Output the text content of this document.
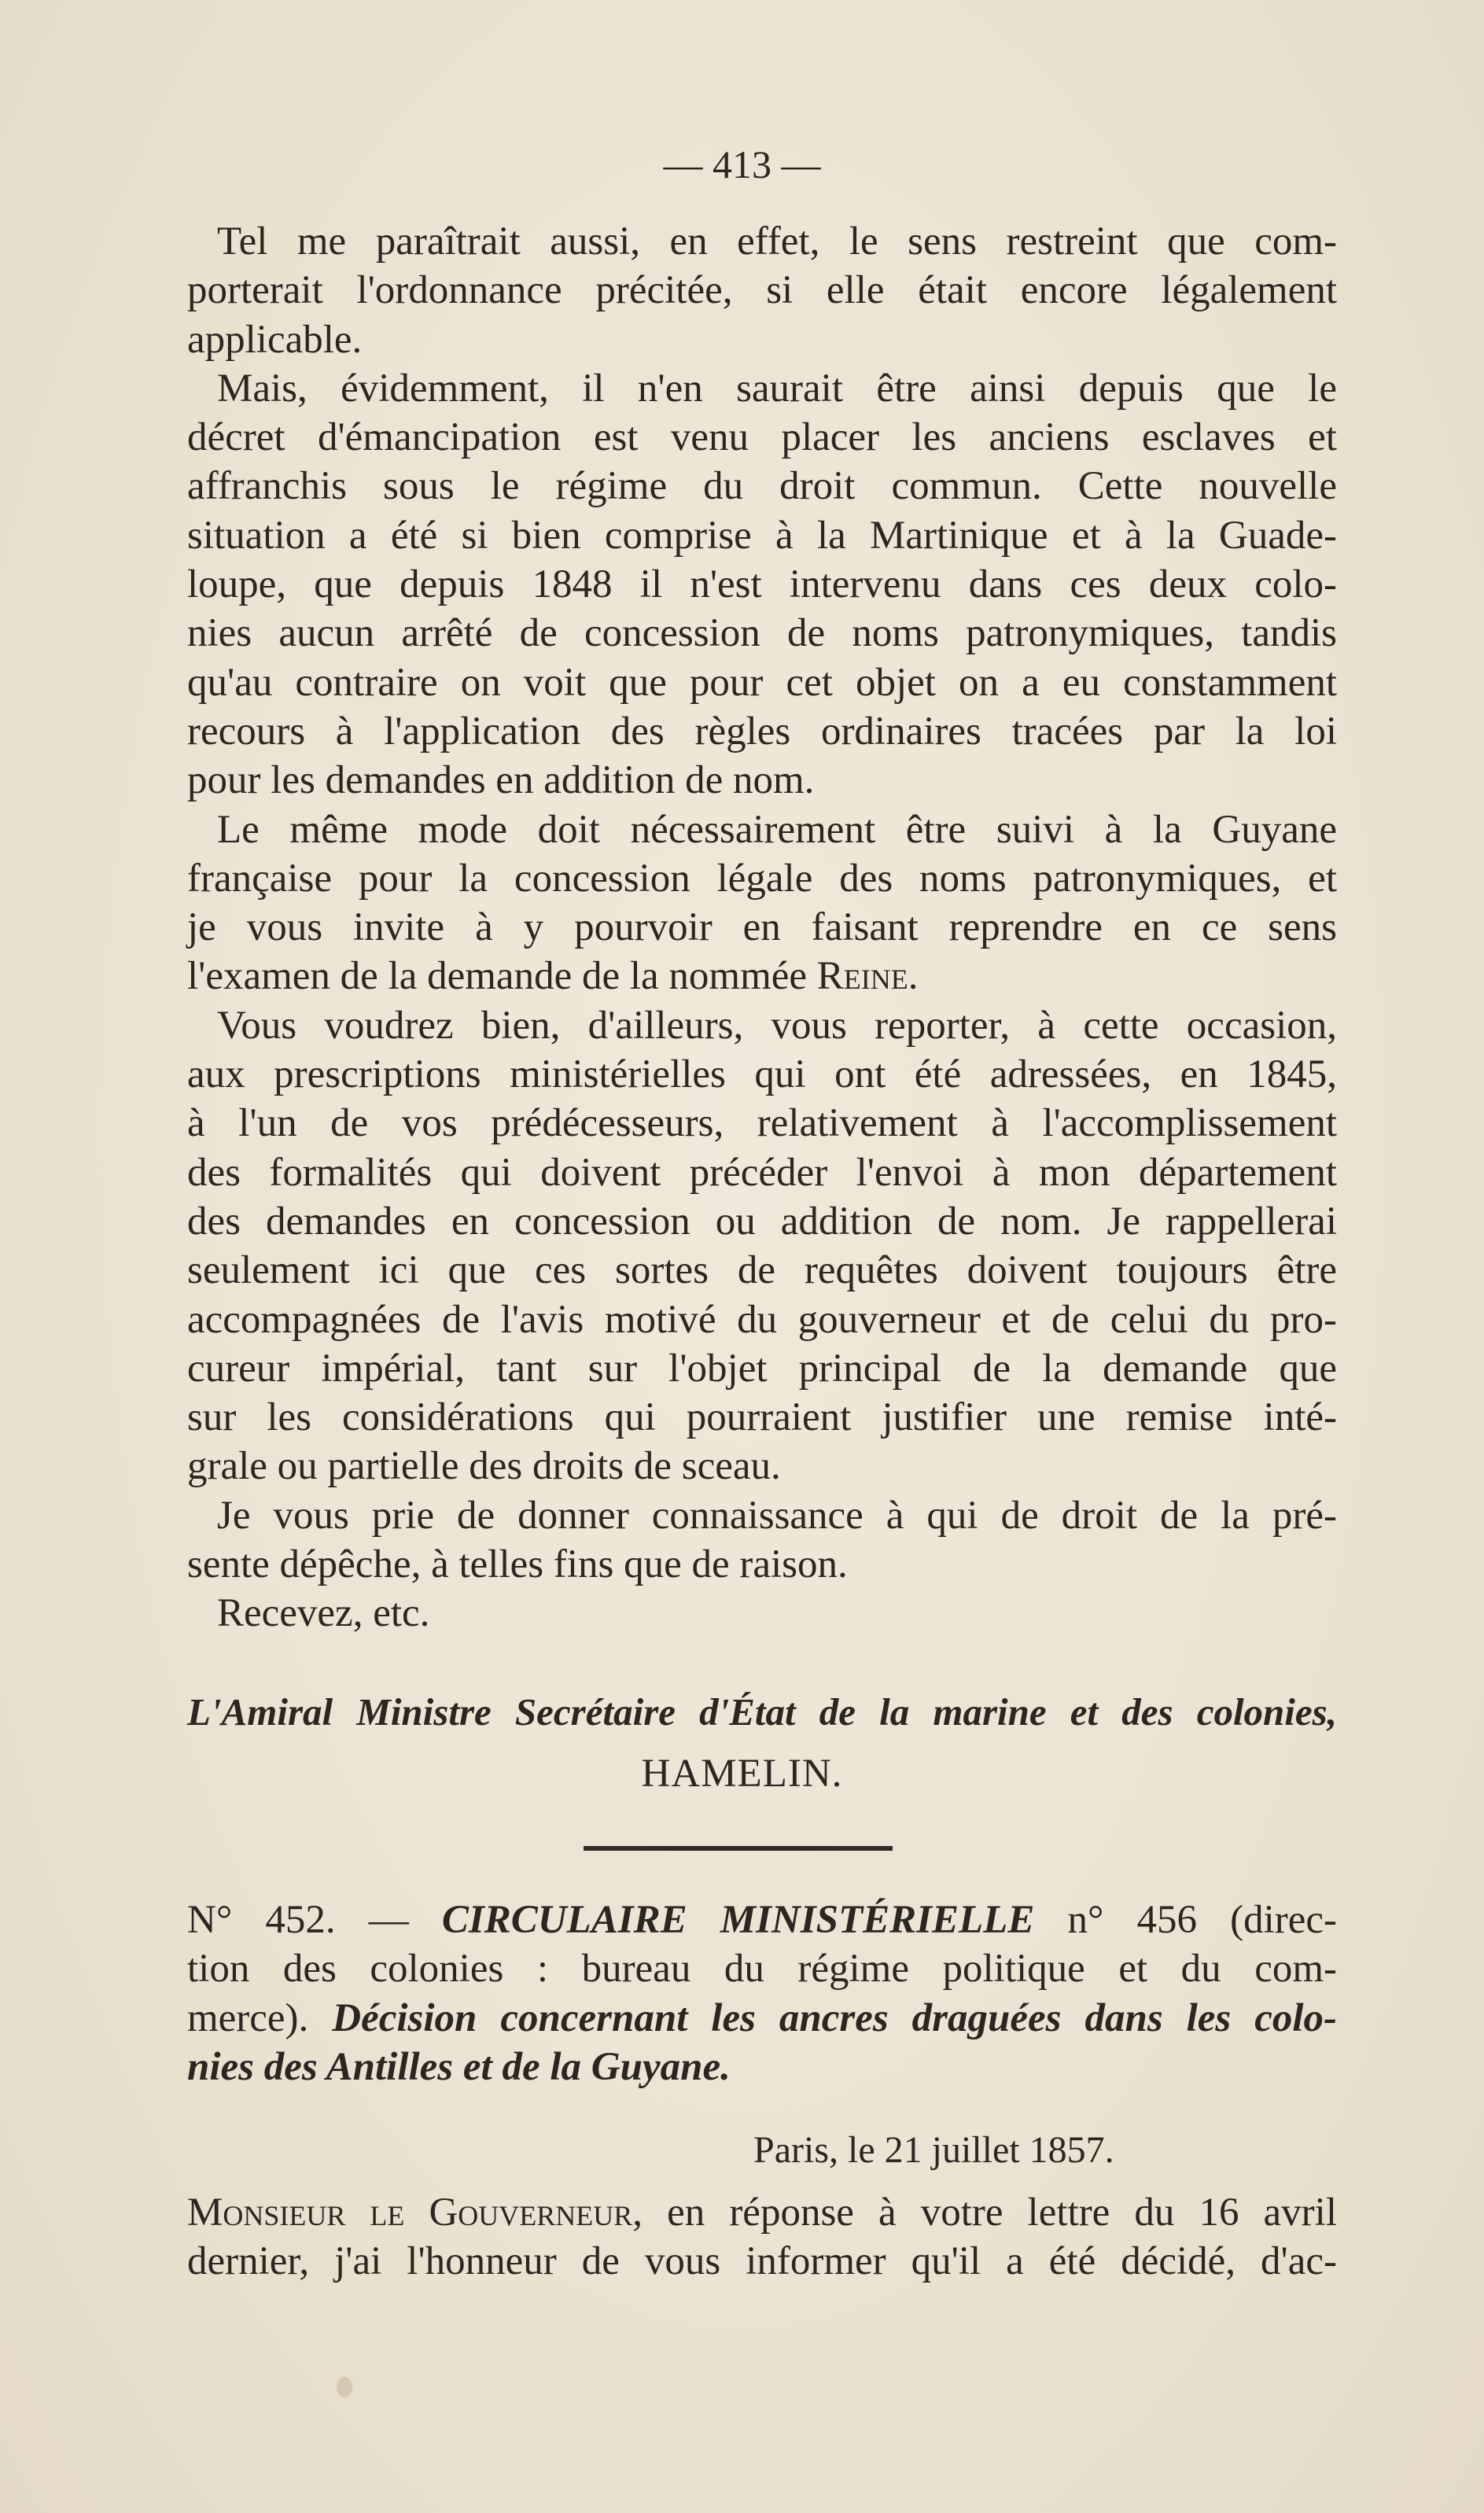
— 413 —
Tel me paraîtrait aussi, en effet, le sens restreint que com-
porterait l'ordonnance précitée, si elle était encore légalement
applicable.
Mais, évidemment, il n'en saurait être ainsi depuis que le
décret d'émancipation est venu placer les anciens esclaves et
affranchis sous le régime du droit commun. Cette nouvelle
situation a été si bien comprise à la Martinique et à la Guade-
loupe, que depuis 1848 il n'est intervenu dans ces deux colo-
nies aucun arrêté de concession de noms patronymiques, tandis
qu'au contraire on voit que pour cet objet on a eu constamment
recours à l'application des règles ordinaires tracées par la loi
pour les demandes en addition de nom.
Le même mode doit nécessairement être suivi à la Guyane
française pour la concession légale des noms patronymiques, et
je vous invite à y pourvoir en faisant reprendre en ce sens
l'examen de la demande de la nommée Reine.
Vous voudrez bien, d'ailleurs, vous reporter, à cette occasion,
aux prescriptions ministérielles qui ont été adressées, en 1845,
à l'un de vos prédécesseurs, relativement à l'accomplissement
des formalités qui doivent précéder l'envoi à mon département
des demandes en concession ou addition de nom. Je rappellerai
seulement ici que ces sortes de requêtes doivent toujours être
accompagnées de l'avis motivé du gouverneur et de celui du pro-
cureur impérial, tant sur l'objet principal de la demande que
sur les considérations qui pourraient justifier une remise inté-
grale ou partielle des droits de sceau.
Je vous prie de donner connaissance à qui de droit de la pré-
sente dépêche, à telles fins que de raison.
Recevez, etc.
L'Amiral Ministre Secrétaire d'État de la marine et des colonies,
HAMELIN.
N° 452. — CIRCULAIRE MINISTÉRIELLE n° 456 (direc-
tion des colonies : bureau du régime politique et du com-
merce). Décision concernant les ancres draguées dans les colo-
nies des Antilles et de la Guyane.
Paris, le 21 juillet 1857.
Monsieur le Gouverneur, en réponse à votre lettre du 16 avril
dernier, j'ai l'honneur de vous informer qu'il a été décidé, d'ac-
